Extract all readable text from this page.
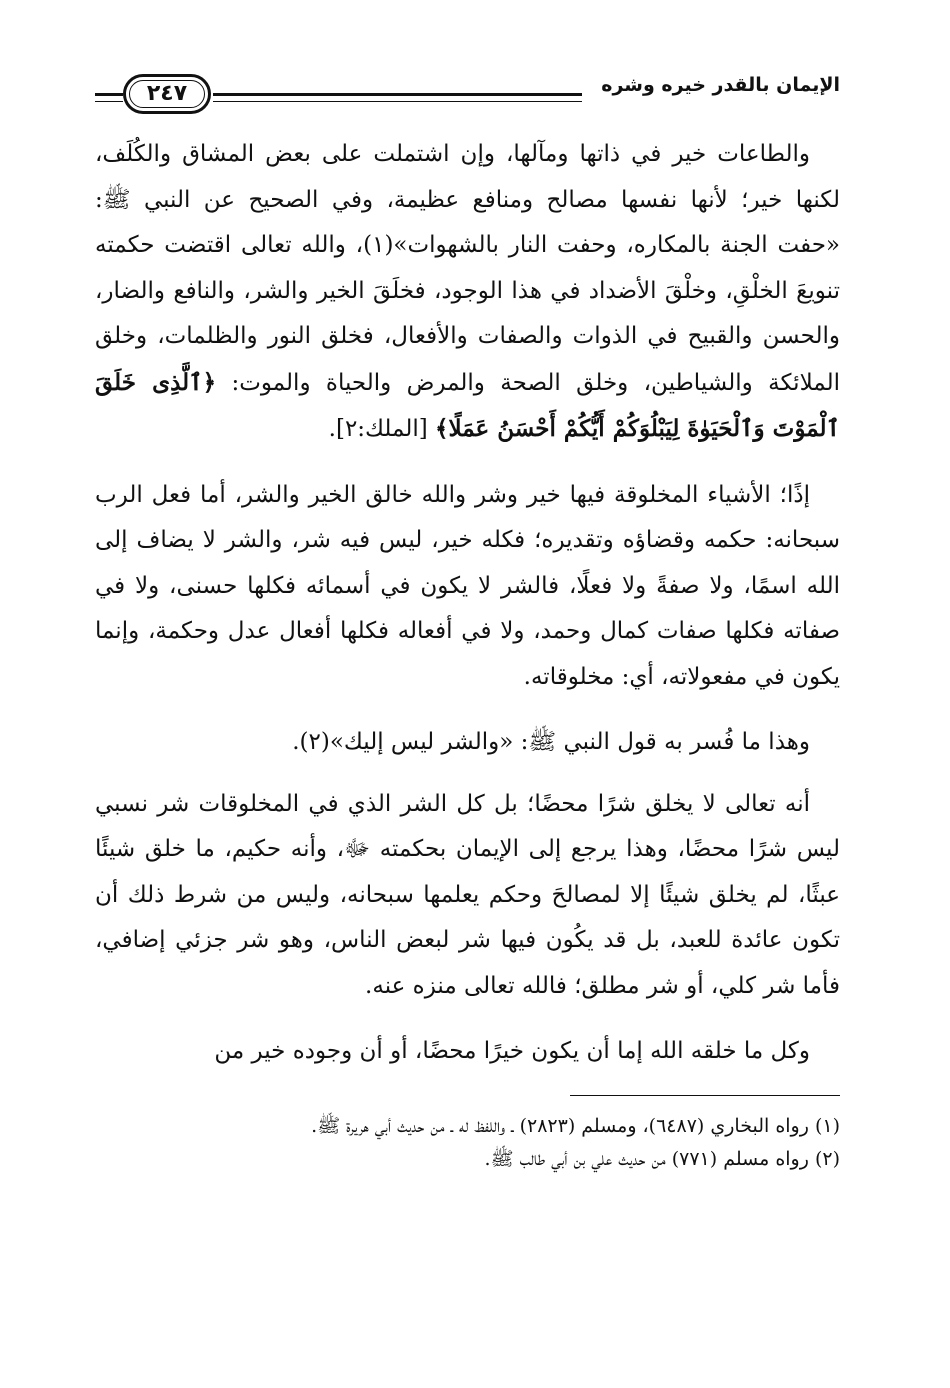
الإيمان بالقدر خيره وشره
٢٤٧

والطاعات خير في ذاتها ومآلها، وإن اشتملت على بعض المشاق والكُلَف، لكنها خير؛ لأنها نفسها مصالح ومنافع عظيمة، وفي الصحيح عن النبي ﷺ: «حفت الجنة بالمكاره، وحفت النار بالشهوات»(١)، والله تعالى اقتضت حكمته تنويعَ الخلْقِ، وخلْقَ الأضداد في هذا الوجود، فخلَقَ الخير والشر، والنافع والضار، والحسن والقبيح في الذوات والصفات والأفعال، فخلق النور والظلمات، وخلق الملائكة والشياطين، وخلق الصحة والمرض والحياة والموت: ﴿ٱلَّذِى خَلَقَ ٱلْمَوْتَ وَٱلْحَيَوٰةَ لِيَبْلُوَكُمْ أَيُّكُمْ أَحْسَنُ عَمَلًا﴾ [الملك:٢].

إذًا؛ الأشياء المخلوقة فيها خير وشر والله خالق الخير والشر، أما فعل الرب سبحانه: حكمه وقضاؤه وتقديره؛ فكله خير، ليس فيه شر، والشر لا يضاف إلى الله اسمًا، ولا صفةً ولا فعلًا، فالشر لا يكون في أسمائه فكلها حسنى، ولا في صفاته فكلها صفات كمال وحمد، ولا في أفعاله فكلها أفعال عدل وحكمة، وإنما يكون في مفعولاته، أي: مخلوقاته.

وهذا ما فُسر به قول النبي ﷺ: «والشر ليس إليك»(٢).

أنه تعالى لا يخلق شرًا محضًا؛ بل كل الشر الذي في المخلوقات شر نسبي ليس شرًا محضًا، وهذا يرجع إلى الإيمان بحكمته ﷻ، وأنه حكيم، ما خلق شيئًا عبثًا، لم يخلق شيئًا إلا لمصالحَ وحكم يعلمها سبحانه، وليس من شرط ذلك أن تكون عائدة للعبد، بل قد يكُون فيها شر لبعض الناس، وهو شر جزئي إضافي، فأما شر كلي، أو شر مطلق؛ فالله تعالى منزه عنه.

وكل ما خلقه الله إما أن يكون خيرًا محضًا، أو أن وجوده خير من

(١) رواه البخاري (٦٤٨٧)، ومسلم (٢٨٢٣) ـ واللفظ له ـ من حديث أبي هريرة ﷺ.

(٢) رواه مسلم (٧٧١) من حديث علي بن أبي طالب ﷺ.
